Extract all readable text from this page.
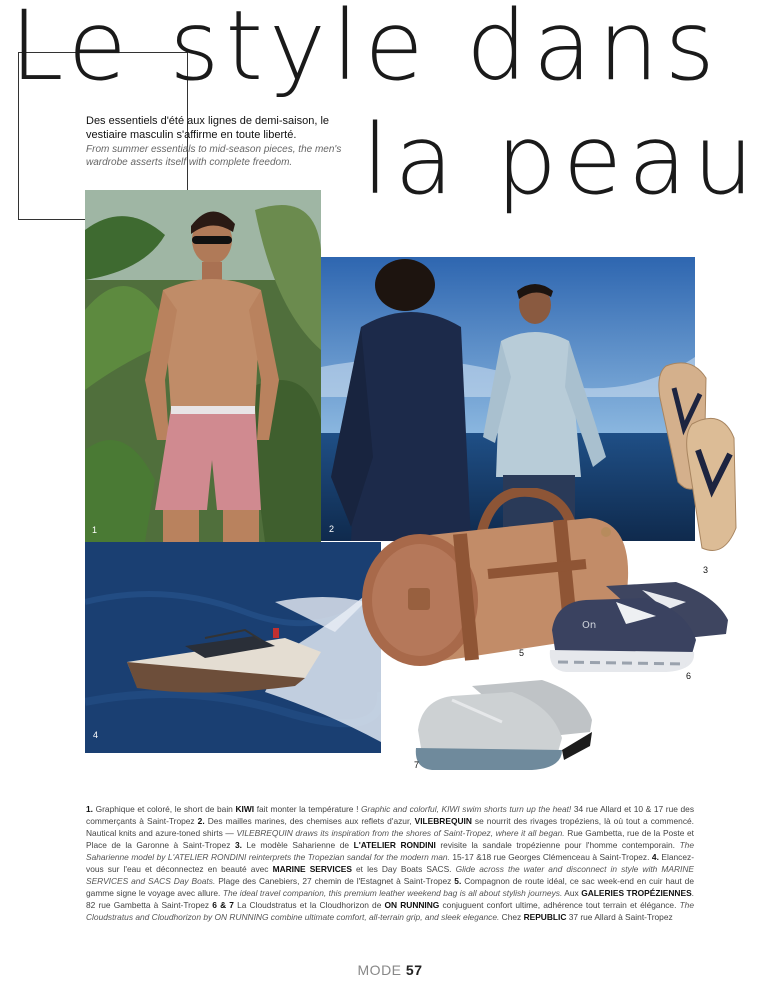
Le style dans
la peau

Des essentiels d'été aux lignes de demi-saison, le vestiaire masculin s'affirme en toute liberté.

From summer essentials to mid-season pieces, the men's wardrobe asserts itself with complete freedom.

1	2
3
4
5
On
6
7
1. Graphique et coloré, le short de bain KIWI fait monter la température ! Graphic and colorful, KIWI swim shorts turn up the heat! 34 rue Allard et 10 & 17 rue des commerçants à Saint-Tropez 2. Des mailles marines, des chemises aux reflets d'azur, VILEBREQUIN se nourrit des rivages tropéziens, là où tout a commencé. Nautical knits and azure-toned shirts — VILEBREQUIN draws its inspiration from the shores of Saint-Tropez, where it all began. Rue Gambetta, rue de la Poste et Place de la Garonne à Saint-Tropez 3. Le modèle Saharienne de L'ATELIER RONDINI revisite la sandale tropézienne pour l'homme contemporain. The Saharienne model by L'ATELIER RONDINI reinterprets the Tropezian sandal for the modern man. 15-17 &18 rue Georges Clémenceau à Saint-Tropez. 4. Elancez-vous sur l'eau et déconnectez en beauté avec MARINE SERVICES et les Day Boats SACS. Glide across the water and disconnect in style with MARINE SERVICES and SACS Day Boats. Plage des Canebiers, 27 chemin de l'Estagnet à Saint-Tropez 5. Compagnon de route idéal, ce sac week-end en cuir haut de gamme signe le voyage avec allure. The ideal travel companion, this premium leather weekend bag is all about stylish journeys. Aux GALERIES TROPÉZIENNES. 82 rue Gambetta à Saint-Tropez 6 & 7 La Cloudstratus et la Cloudhorizon de ON RUNNING conjuguent confort ultime, adhérence tout terrain et élégance. The Cloudstratus and Cloudhorizon by ON RUNNING combine ultimate comfort, all-terrain grip, and sleek elegance. Chez REPUBLIC 37 rue Allard à Saint-Tropez
MODE 57
